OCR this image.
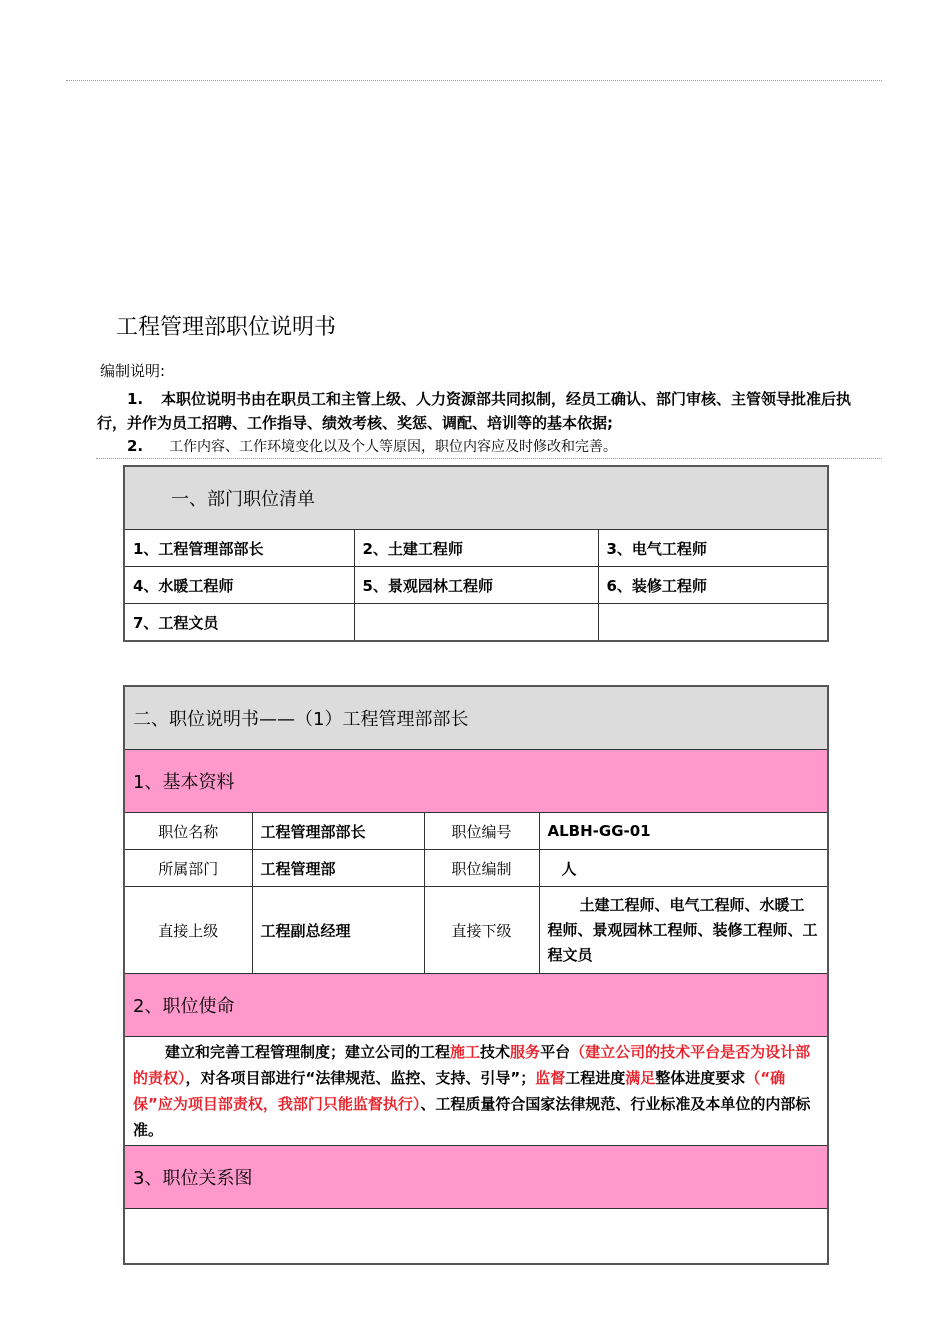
工程管理部职位说明书
编制说明:
1. 本职位说明书由在职员工和主管上级、人力资源部共同拟制，经员工确认、部门审核、主管领导批准后执行，并作为员工招聘、工作指导、绩效考核、奖惩、调配、培训等的基本依据;
2. 工作内容、工作环境变化以及个人等原因，职位内容应及时修改和完善。
一、部门职位清单		
1、工程管理部部长	2、土建工程师	3、电气工程师
4、水暖工程师	5、景观园林工程师	6、装修工程师
7、工程文员		
二、职位说明书——（1）工程管理部部长			
1、基本资料			
职位名称	工程管理部部长	职位编号	ALBH-GG-01
所属部门	工程管理部	职位编制	人
直接上级	工程副总经理	直接下级	土建工程师、电气工程师、水暖工程师、景观园林工程师、装修工程师、工程文员
2、职位使命			
建立和完善工程管理制度；建立公司的工程施工技术服务平台（建立公司的技术平台是否为设计部的责权），对各项目部进行“法律规范、监控、支持、引导”；监督工程进度满足整体进度要求（“确保”应为项目部责权，我部门只能监督执行）、工程质量符合国家法律规范、行业标准及本单位的内部标准。			
3、职位关系图			
